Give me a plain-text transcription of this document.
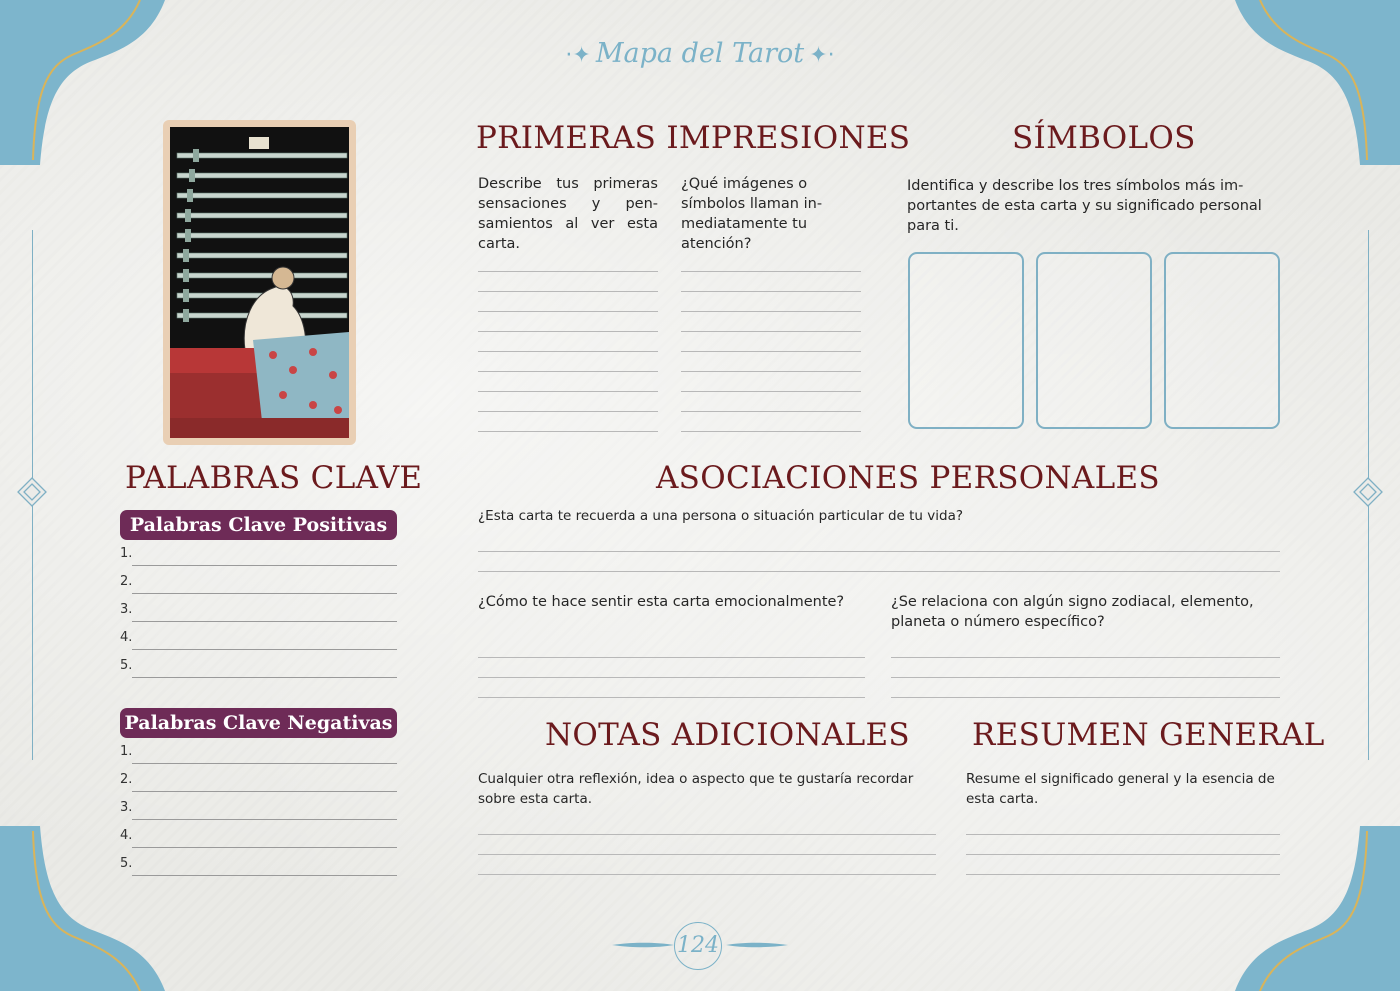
·✦ Mapa del Tarot ✦·
PRIMERAS IMPRESIONES
Describe tus primeras sensaciones y pensamientos al ver esta carta.
¿Qué imágenes o símbolos llaman inmediatamente tu atención?
SÍMBOLOS
Identifica y describe los tres símbolos más importantes de esta carta y su significado personal para ti.
PALABRAS CLAVE
Palabras Clave Positivas
1.
2.
3.
4.
5.
Palabras Clave Negativas
1.
2.
3.
4.
5.
ASOCIACIONES PERSONALES
¿Esta carta te recuerda a una persona o situación particular de tu vida?
¿Cómo te hace sentir esta carta emocionalmente?	¿Se relaciona con algún signo zodiacal, elemento, planeta o número específico?
NOTAS ADICIONALES
Cualquier otra reflexión, idea o aspecto que te gustaría recordar sobre esta carta.
RESUMEN GENERAL
Resume el significado general y la esencia de esta carta.
124
